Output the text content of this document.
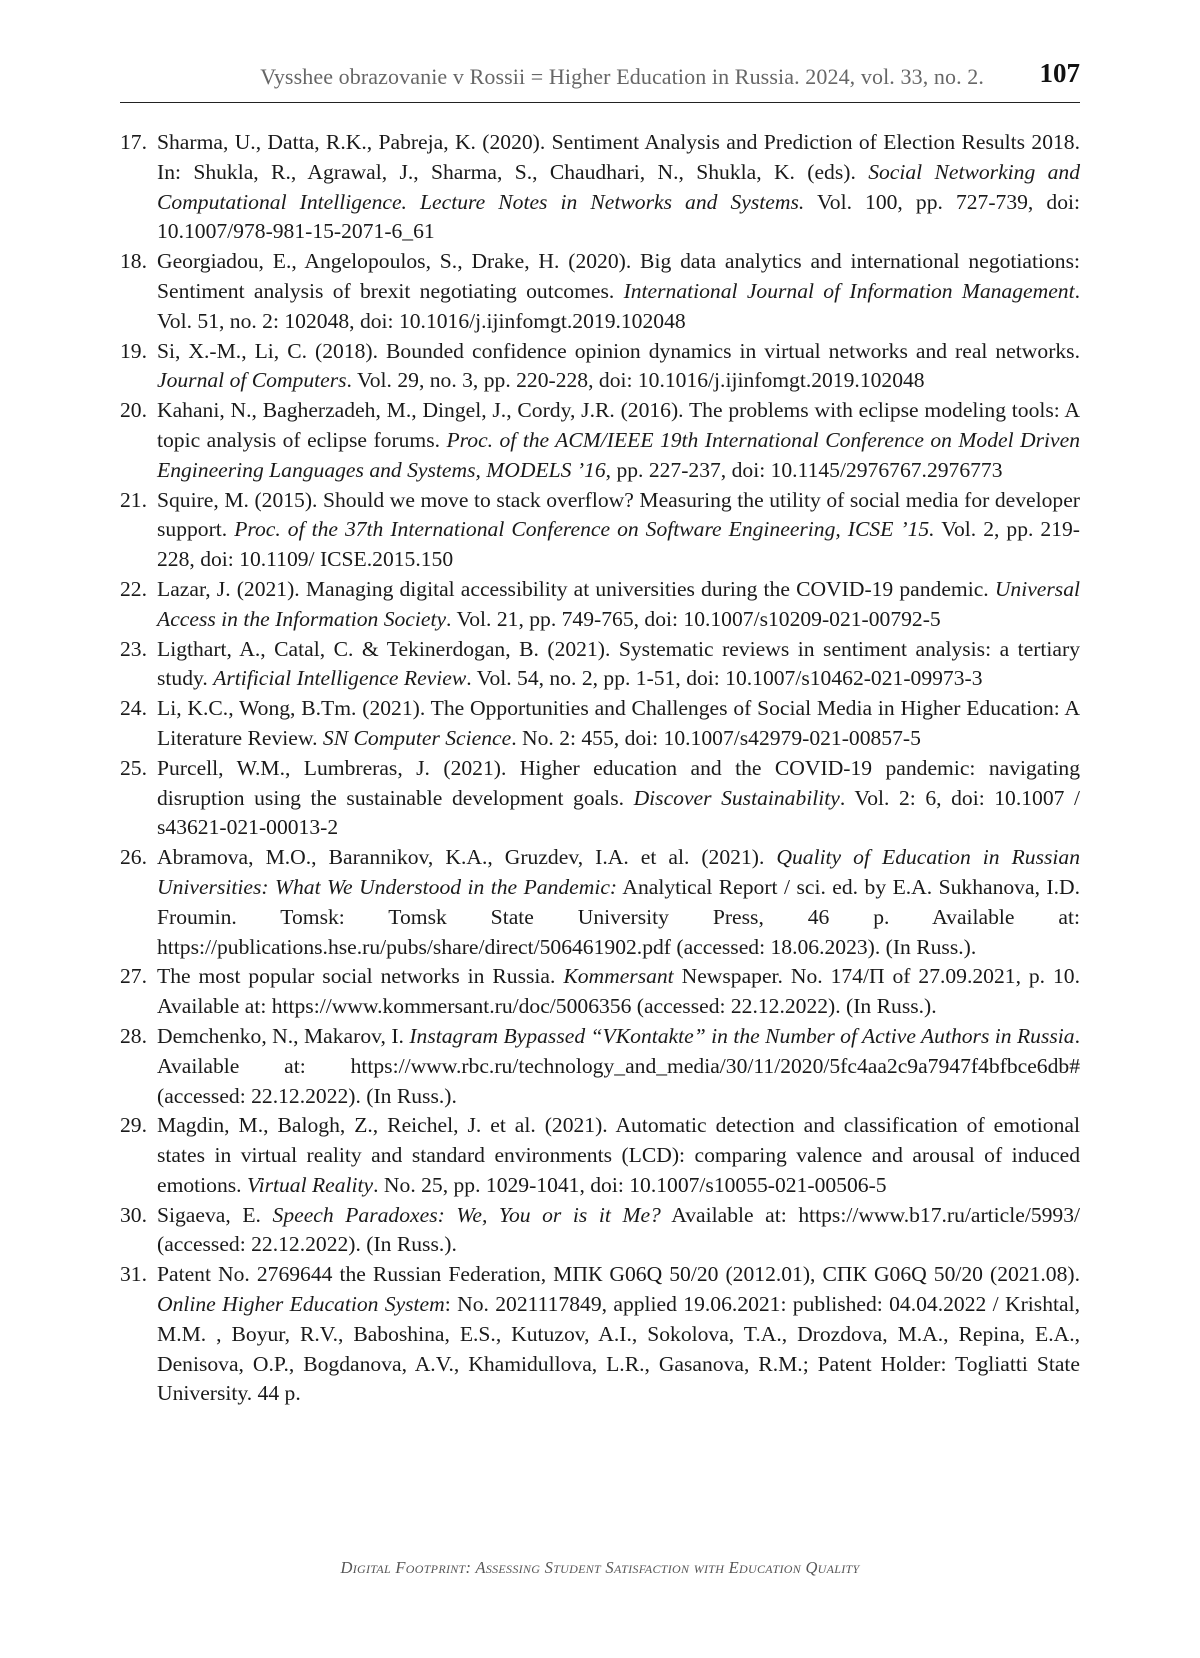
Vysshee obrazovanie v Rossii = Higher Education in Russia. 2024, vol. 33, no. 2. 107
17. Sharma, U., Datta, R.K., Pabreja, K. (2020). Sentiment Analysis and Prediction of Election Results 2018. In: Shukla, R., Agrawal, J., Sharma, S., Chaudhari, N., Shukla, K. (eds). Social Networking and Computational Intelligence. Lecture Notes in Networks and Systems. Vol. 100, pp. 727-739, doi: 10.1007/978-981-15-2071-6_61
18. Georgiadou, E., Angelopoulos, S., Drake, H. (2020). Big data analytics and international negotiations: Sentiment analysis of brexit negotiating outcomes. International Journal of Information Management. Vol. 51, no. 2: 102048, doi: 10.1016/j.ijinfomgt.2019.102048
19. Si, X.-M., Li, C. (2018). Bounded confidence opinion dynamics in virtual networks and real networks. Journal of Computers. Vol. 29, no. 3, pp. 220-228, doi: 10.1016/j.ijinfomgt.2019.102048
20. Kahani, N., Bagherzadeh, M., Dingel, J., Cordy, J.R. (2016). The problems with eclipse modeling tools: A topic analysis of eclipse forums. Proc. of the ACM/IEEE 19th International Conference on Model Driven Engineering Languages and Systems, MODELS ’16, pp. 227-237, doi: 10.1145/2976767.2976773
21. Squire, M. (2015). Should we move to stack overflow? Measuring the utility of social media for developer support. Proc. of the 37th International Conference on Software Engineering, ICSE ’15. Vol. 2, pp. 219-228, doi: 10.1109/ ICSE.2015.150
22. Lazar, J. (2021). Managing digital accessibility at universities during the COVID-19 pandemic. Universal Access in the Information Society. Vol. 21, pp. 749-765, doi: 10.1007/s10209-021-00792-5
23. Ligthart, A., Catal, C. & Tekinerdogan, B. (2021). Systematic reviews in sentiment analysis: a tertiary study. Artificial Intelligence Review. Vol. 54, no. 2, pp. 1-51, doi: 10.1007/s10462-021-09973-3
24. Li, K.C., Wong, B.Tm. (2021). The Opportunities and Challenges of Social Media in Higher Education: A Literature Review. SN Computer Science. No. 2: 455, doi: 10.1007/s42979-021-00857-5
25. Purcell, W.M., Lumbreras, J. (2021). Higher education and the COVID-19 pandemic: navigating disruption using the sustainable development goals. Discover Sustainability. Vol. 2: 6, doi: 10.1007 / s43621-021-00013-2
26. Abramova, M.O., Barannikov, K.A., Gruzdev, I.A. et al. (2021). Quality of Education in Russian Universities: What We Understood in the Pandemic: Analytical Report / sci. ed. by E.A. Sukhanova, I.D. Froumin. Tomsk: Tomsk State University Press, 46 p. Available at: https://publications.hse.ru/pubs/share/direct/506461902.pdf (accessed: 18.06.2023). (In Russ.).
27. The most popular social networks in Russia. Kommersant Newspaper. No. 174/П of 27.09.2021, p. 10. Available at: https://www.kommersant.ru/doc/5006356 (accessed: 22.12.2022). (In Russ.).
28. Demchenko, N., Makarov, I. Instagram Bypassed “VKontakte” in the Number of Active Authors in Russia. Available at: https://www.rbc.ru/technology_and_media/30/11/2020/5fc4aa2c9a7947f4bfbce6db# (accessed: 22.12.2022). (In Russ.).
29. Magdin, M., Balogh, Z., Reichel, J. et al. (2021). Automatic detection and classification of emotional states in virtual reality and standard environments (LCD): comparing valence and arousal of induced emotions. Virtual Reality. No. 25, pp. 1029-1041, doi: 10.1007/s10055-021-00506-5
30. Sigaeva, E. Speech Paradoxes: We, You or is it Me? Available at: https://www.b17.ru/article/5993/ (accessed: 22.12.2022). (In Russ.).
31. Patent No. 2769644 the Russian Federation, МПК G06Q 50/20 (2012.01), СПК G06Q 50/20 (2021.08). Online Higher Education System: No. 2021117849, applied 19.06.2021: published: 04.04.2022 / Krishtal, M.M. , Boyur, R.V., Baboshina, E.S., Kutuzov, A.I., Sokolova, T.A., Drozdova, M.A., Repina, E.A., Denisova, O.P., Bogdanova, A.V., Khamidullova, L.R., Gasanova, R.M.; Patent Holder: Togliatti State University. 44 p.
Digital Footprint: Assessing Student Satisfaction with Education Quality
